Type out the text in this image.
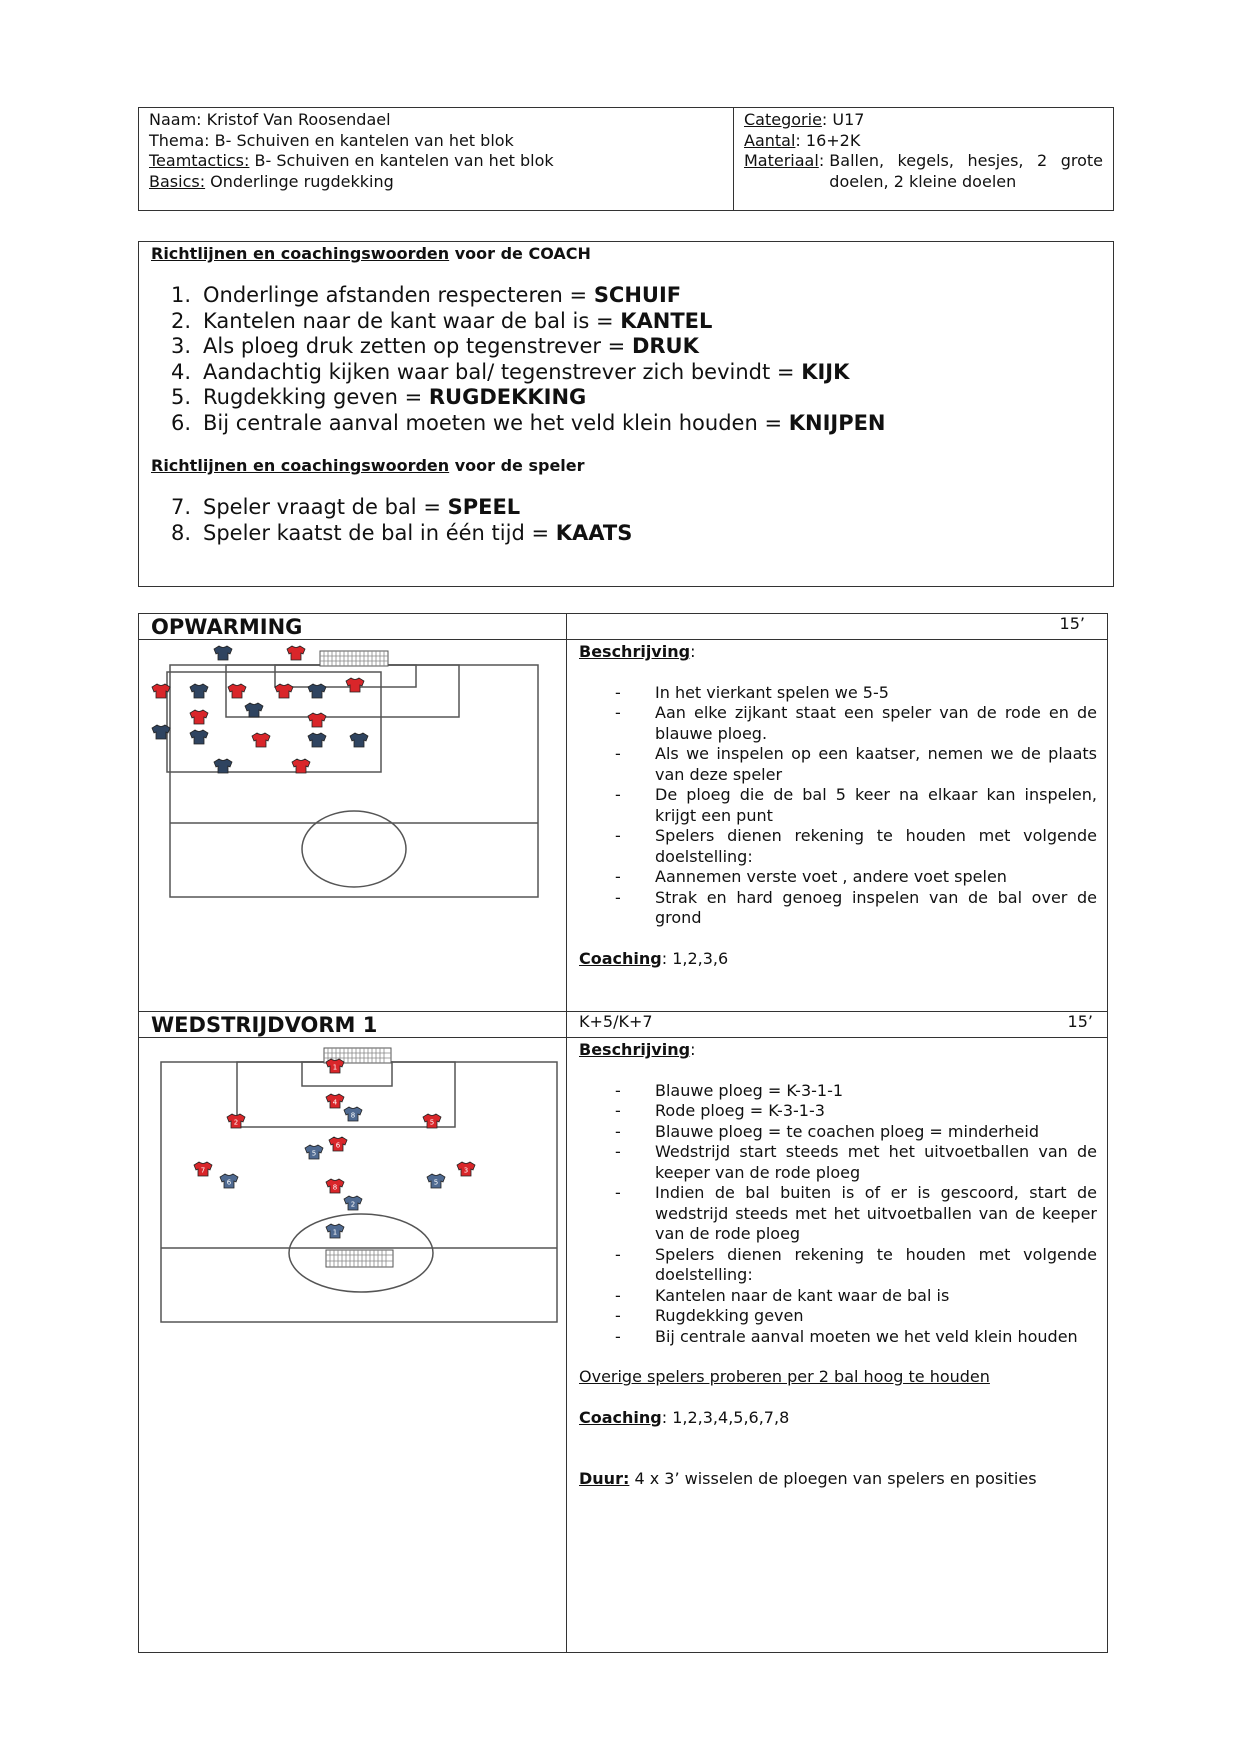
Naam: Kristof Van Roosendael
Thema: B- Schuiven en kantelen van het blok
Teamtactics: B- Schuiven en kantelen van het blok
Basics: Onderlinge rugdekking
Categorie: U17
Aantal: 16+2K
Materiaal: Ballen, kegels, hesjes, 2 grote doelen, 2 kleine doelen
Richtlijnen en coachingswoorden voor de COACH
1. Onderlinge afstanden respecteren = SCHUIF
2. Kantelen naar de kant waar de bal is = KANTEL
3. Als ploeg druk zetten op tegenstrever = DRUK
4. Aandachtig kijken waar bal/ tegenstrever zich bevindt = KIJK
5. Rugdekking geven = RUGDEKKING
6. Bij centrale aanval moeten we het veld klein houden = KNIJPEN
Richtlijnen en coachingswoorden voor de speler
7. Speler vraagt de bal = SPEEL
8. Speler kaatst de bal in één tijd = KAATS
OPWARMING	15’
Beschrijving:
-	In het vierkant spelen we 5-5
-	Aan elke zijkant staat een speler van de rode en de blauwe ploeg.
-	Als we inspelen op een kaatser, nemen we de plaats van deze speler
-	De ploeg die de bal 5 keer na elkaar kan inspelen, krijgt een punt
-	Spelers dienen rekening te houden met volgende doelstelling:
-	Aannemen verste voet , andere voet spelen
-	Strak en hard genoeg inspelen van de bal over de grond
Coaching: 1,2,3,6
WEDSTRIJDVORM 1	K+5/K+7	15’
1
4
2	5
6
7	3
8
8
5
6	5
2
1
Beschrijving:
-	Blauwe ploeg = K-3-1-1
-	Rode ploeg = K-3-1-3
-	Blauwe ploeg = te coachen ploeg = minderheid
-	Wedstrijd start steeds met het uitvoetballen van de keeper van de rode ploeg
-	Indien de bal buiten is of er is gescoord, start de wedstrijd steeds met het uitvoetballen van de keeper van de rode ploeg
-	Spelers dienen rekening te houden met volgende doelstelling:
-	Kantelen naar de kant waar de bal is
-	Rugdekking geven
-	Bij centrale aanval moeten we het veld klein houden
Overige spelers proberen per 2 bal hoog te houden
Coaching: 1,2,3,4,5,6,7,8
Duur: 4 x 3’ wisselen de ploegen van spelers en posities
